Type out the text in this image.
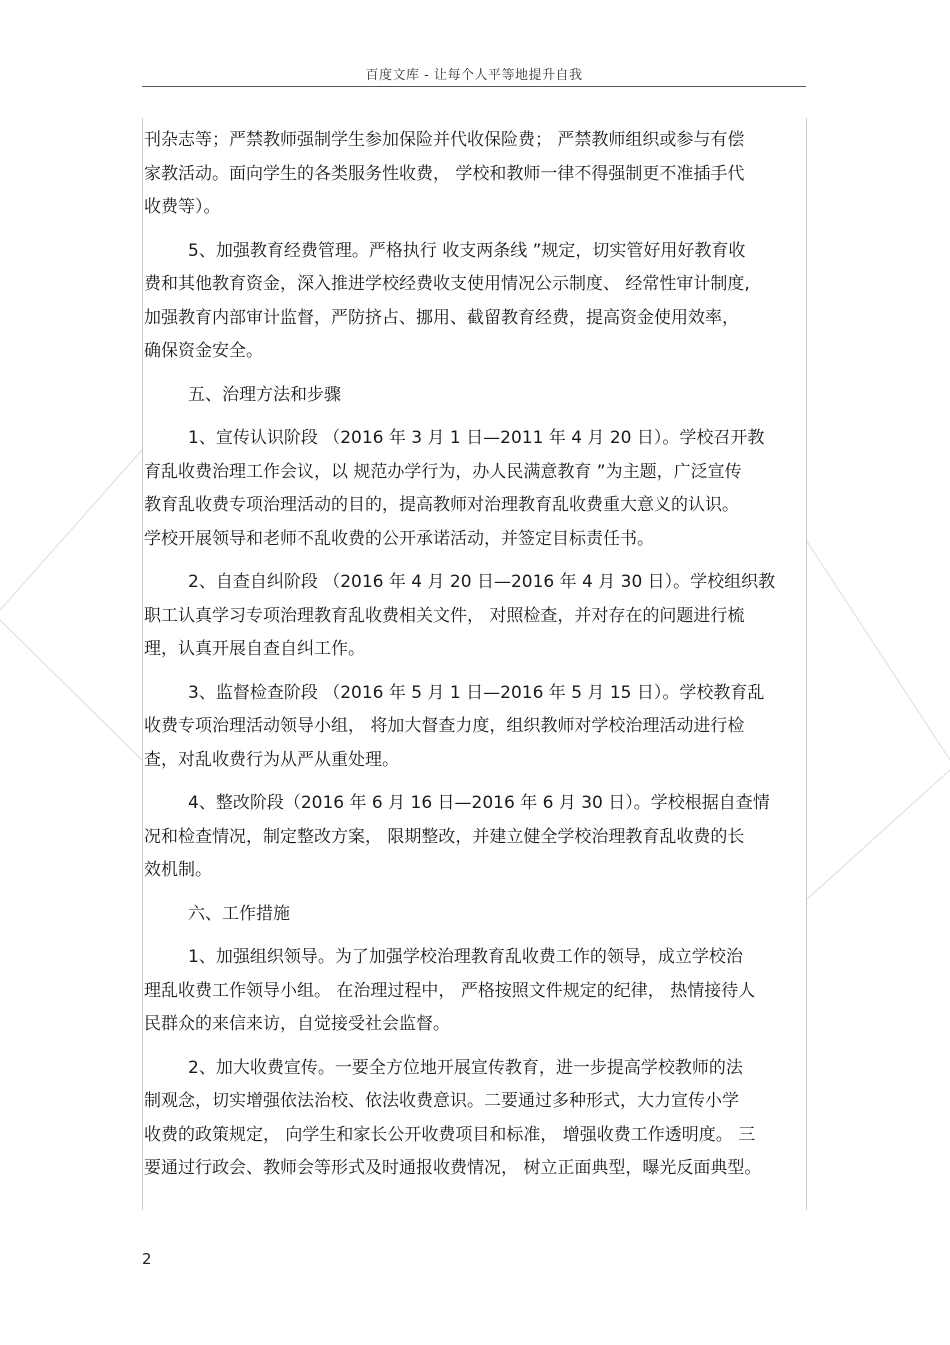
百度文库 - 让每个人平等地提升自我
刊杂志等；严禁教师强制学生参加保险并代收保险费； 严禁教师组织或参与有偿
家教活动。面向学生的各类服务性收费， 学校和教师一律不得强制更不准插手代
收费等）。
5、加强教育经费管理。严格执行 收支两条线 ”规定，切实管好用好教育收
费和其他教育资金，深入推进学校经费收支使用情况公示制度、 经常性审计制度,
加强教育内部审计监督，严防挤占、挪用、截留教育经费，提高资金使用效率，
确保资金安全。
五、治理方法和步骤
1、宣传认识阶段 （2016 年 3 月 1 日—2011 年 4 月 20 日）。学校召开教
育乱收费治理工作会议，以 规范办学行为，办人民满意教育 ”为主题，广泛宣传
教育乱收费专项治理活动的目的，提高教师对治理教育乱收费重大意义的认识。
学校开展领导和老师不乱收费的公开承诺活动，并签定目标责任书。
2、自查自纠阶段 （2016 年 4 月 20 日—2016 年 4 月 30 日）。学校组织教
职工认真学习专项治理教育乱收费相关文件， 对照检查，并对存在的问题进行梳
理，认真开展自查自纠工作。
3、监督检查阶段 （2016 年 5 月 1 日—2016 年 5 月 15 日）。学校教育乱
收费专项治理活动领导小组， 将加大督查力度，组织教师对学校治理活动进行检
查，对乱收费行为从严从重处理。
4、整改阶段（2016 年 6 月 16 日—2016 年 6 月 30 日）。学校根据自查情
况和检查情况，制定整改方案， 限期整改，并建立健全学校治理教育乱收费的长
效机制。
六、工作措施
1、加强组织领导。为了加强学校治理教育乱收费工作的领导，成立学校治
理乱收费工作领导小组。 在治理过程中， 严格按照文件规定的纪律， 热情接待人
民群众的来信来访，自觉接受社会监督。
2、加大收费宣传。一要全方位地开展宣传教育，进一步提高学校教师的法
制观念，切实增强依法治校、依法收费意识。二要通过多种形式，大力宣传小学
收费的政策规定， 向学生和家长公开收费项目和标准， 增强收费工作透明度。 三
要通过行政会、教师会等形式及时通报收费情况， 树立正面典型，曝光反面典型。
2
